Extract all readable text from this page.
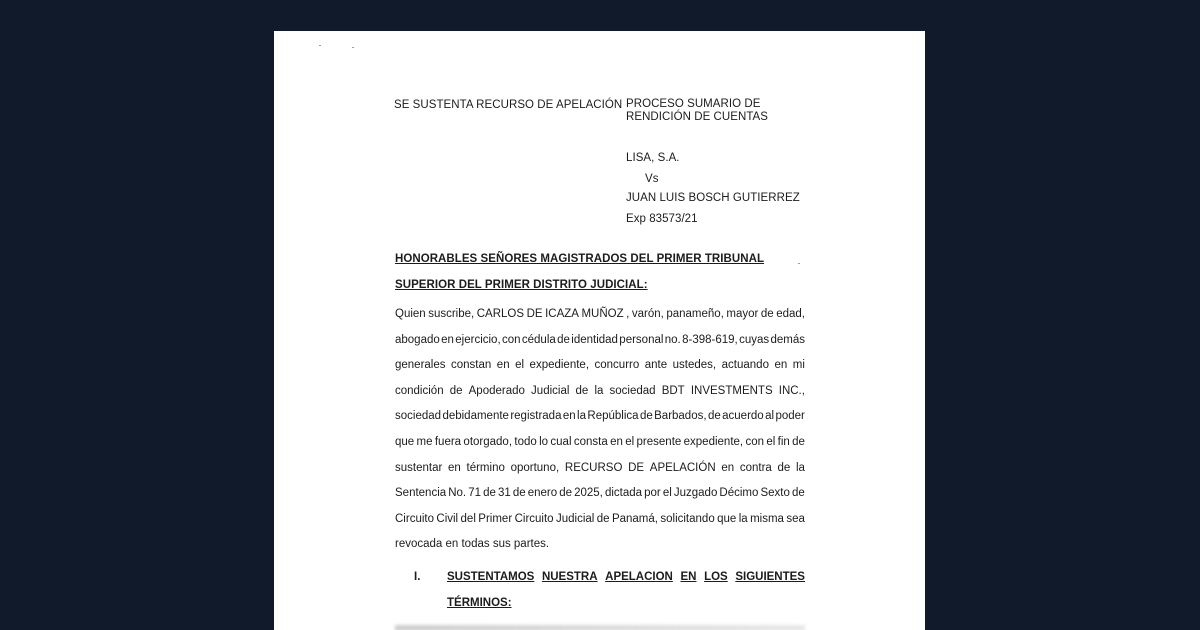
SE SUSTENTA RECURSO DE APELACIÓN PROCESO SUMARIO DE
RENDICIÓN DE CUENTAS
LISA, S.A.
Vs
JUAN LUIS BOSCH GUTIERREZ
Exp 83573/21
HONORABLES SEÑORES MAGISTRADOS DEL PRIMER TRIBUNAL
SUPERIOR DEL PRIMER DISTRITO JUDICIAL:
Quien suscribe, CARLOS DE ICAZA MUÑOZ , varón, panameño, mayor de edad,
abogado en ejercicio, con cédula de identidad personal no. 8-398-619, cuyas demás
generales constan en el expediente, concurro ante ustedes, actuando en mi
condición de Apoderado Judicial de la sociedad BDT INVESTMENTS INC.,
sociedad debidamente registrada en la República de Barbados, de acuerdo al poder
que me fuera otorgado, todo lo cual consta en el presente expediente, con el fin de
sustentar en término oportuno, RECURSO DE APELACIÓN en contra de la
Sentencia No. 71 de 31 de enero de 2025, dictada por el Juzgado Décimo Sexto de
Circuito Civil del Primer Circuito Judicial de Panamá, solicitando que la misma sea
revocada en todas sus partes.
I. SUSTENTAMOS NUESTRA APELACION EN LOS SIGUIENTES
TÉRMINOS:
